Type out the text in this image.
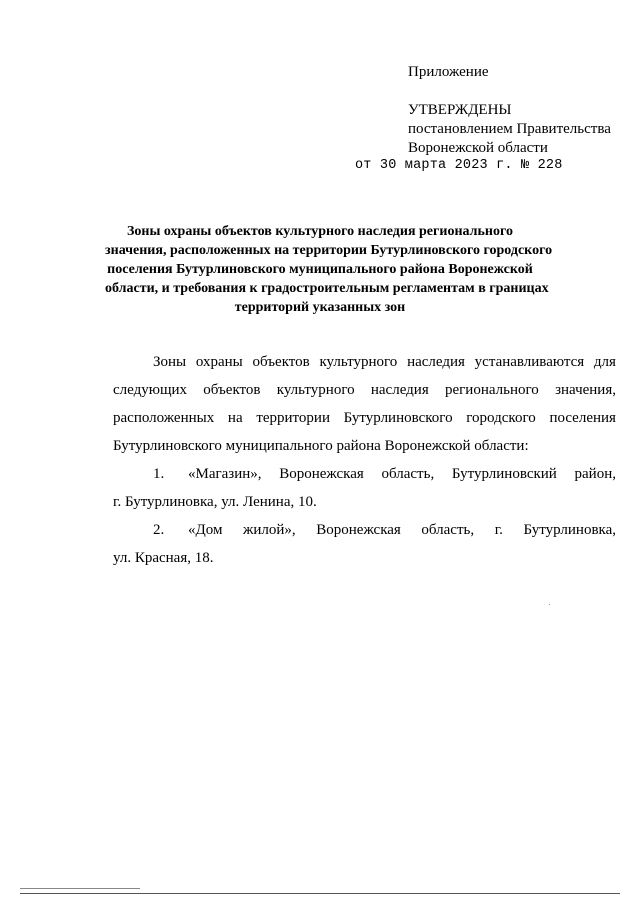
Приложение
УТВЕРЖДЕНЫ
постановлением Правительства
Воронежской области
от 30 марта 2023 г. № 228
Зоны охраны объектов культурного наследия регионального
значения, расположенных на территории Бутурлиновского городского
поселения Бутурлиновского муниципального района Воронежской
области, и требования к градостроительным регламентам в границах
территорий указанных зон
Зоны охраны объектов культурного наследия устанавливаются для
следующих объектов культурного наследия регионального значения,
расположенных на территории Бутурлиновского городского поселения
Бутурлиновского муниципального района Воронежской области:
1.	«Магазин», Воронежская область, Бутурлиновский район,
г. Бутурлиновка, ул. Ленина, 10.
2.	«Дом жилой», Воронежская область, г. Бутурлиновка,
ул. Красная, 18.
